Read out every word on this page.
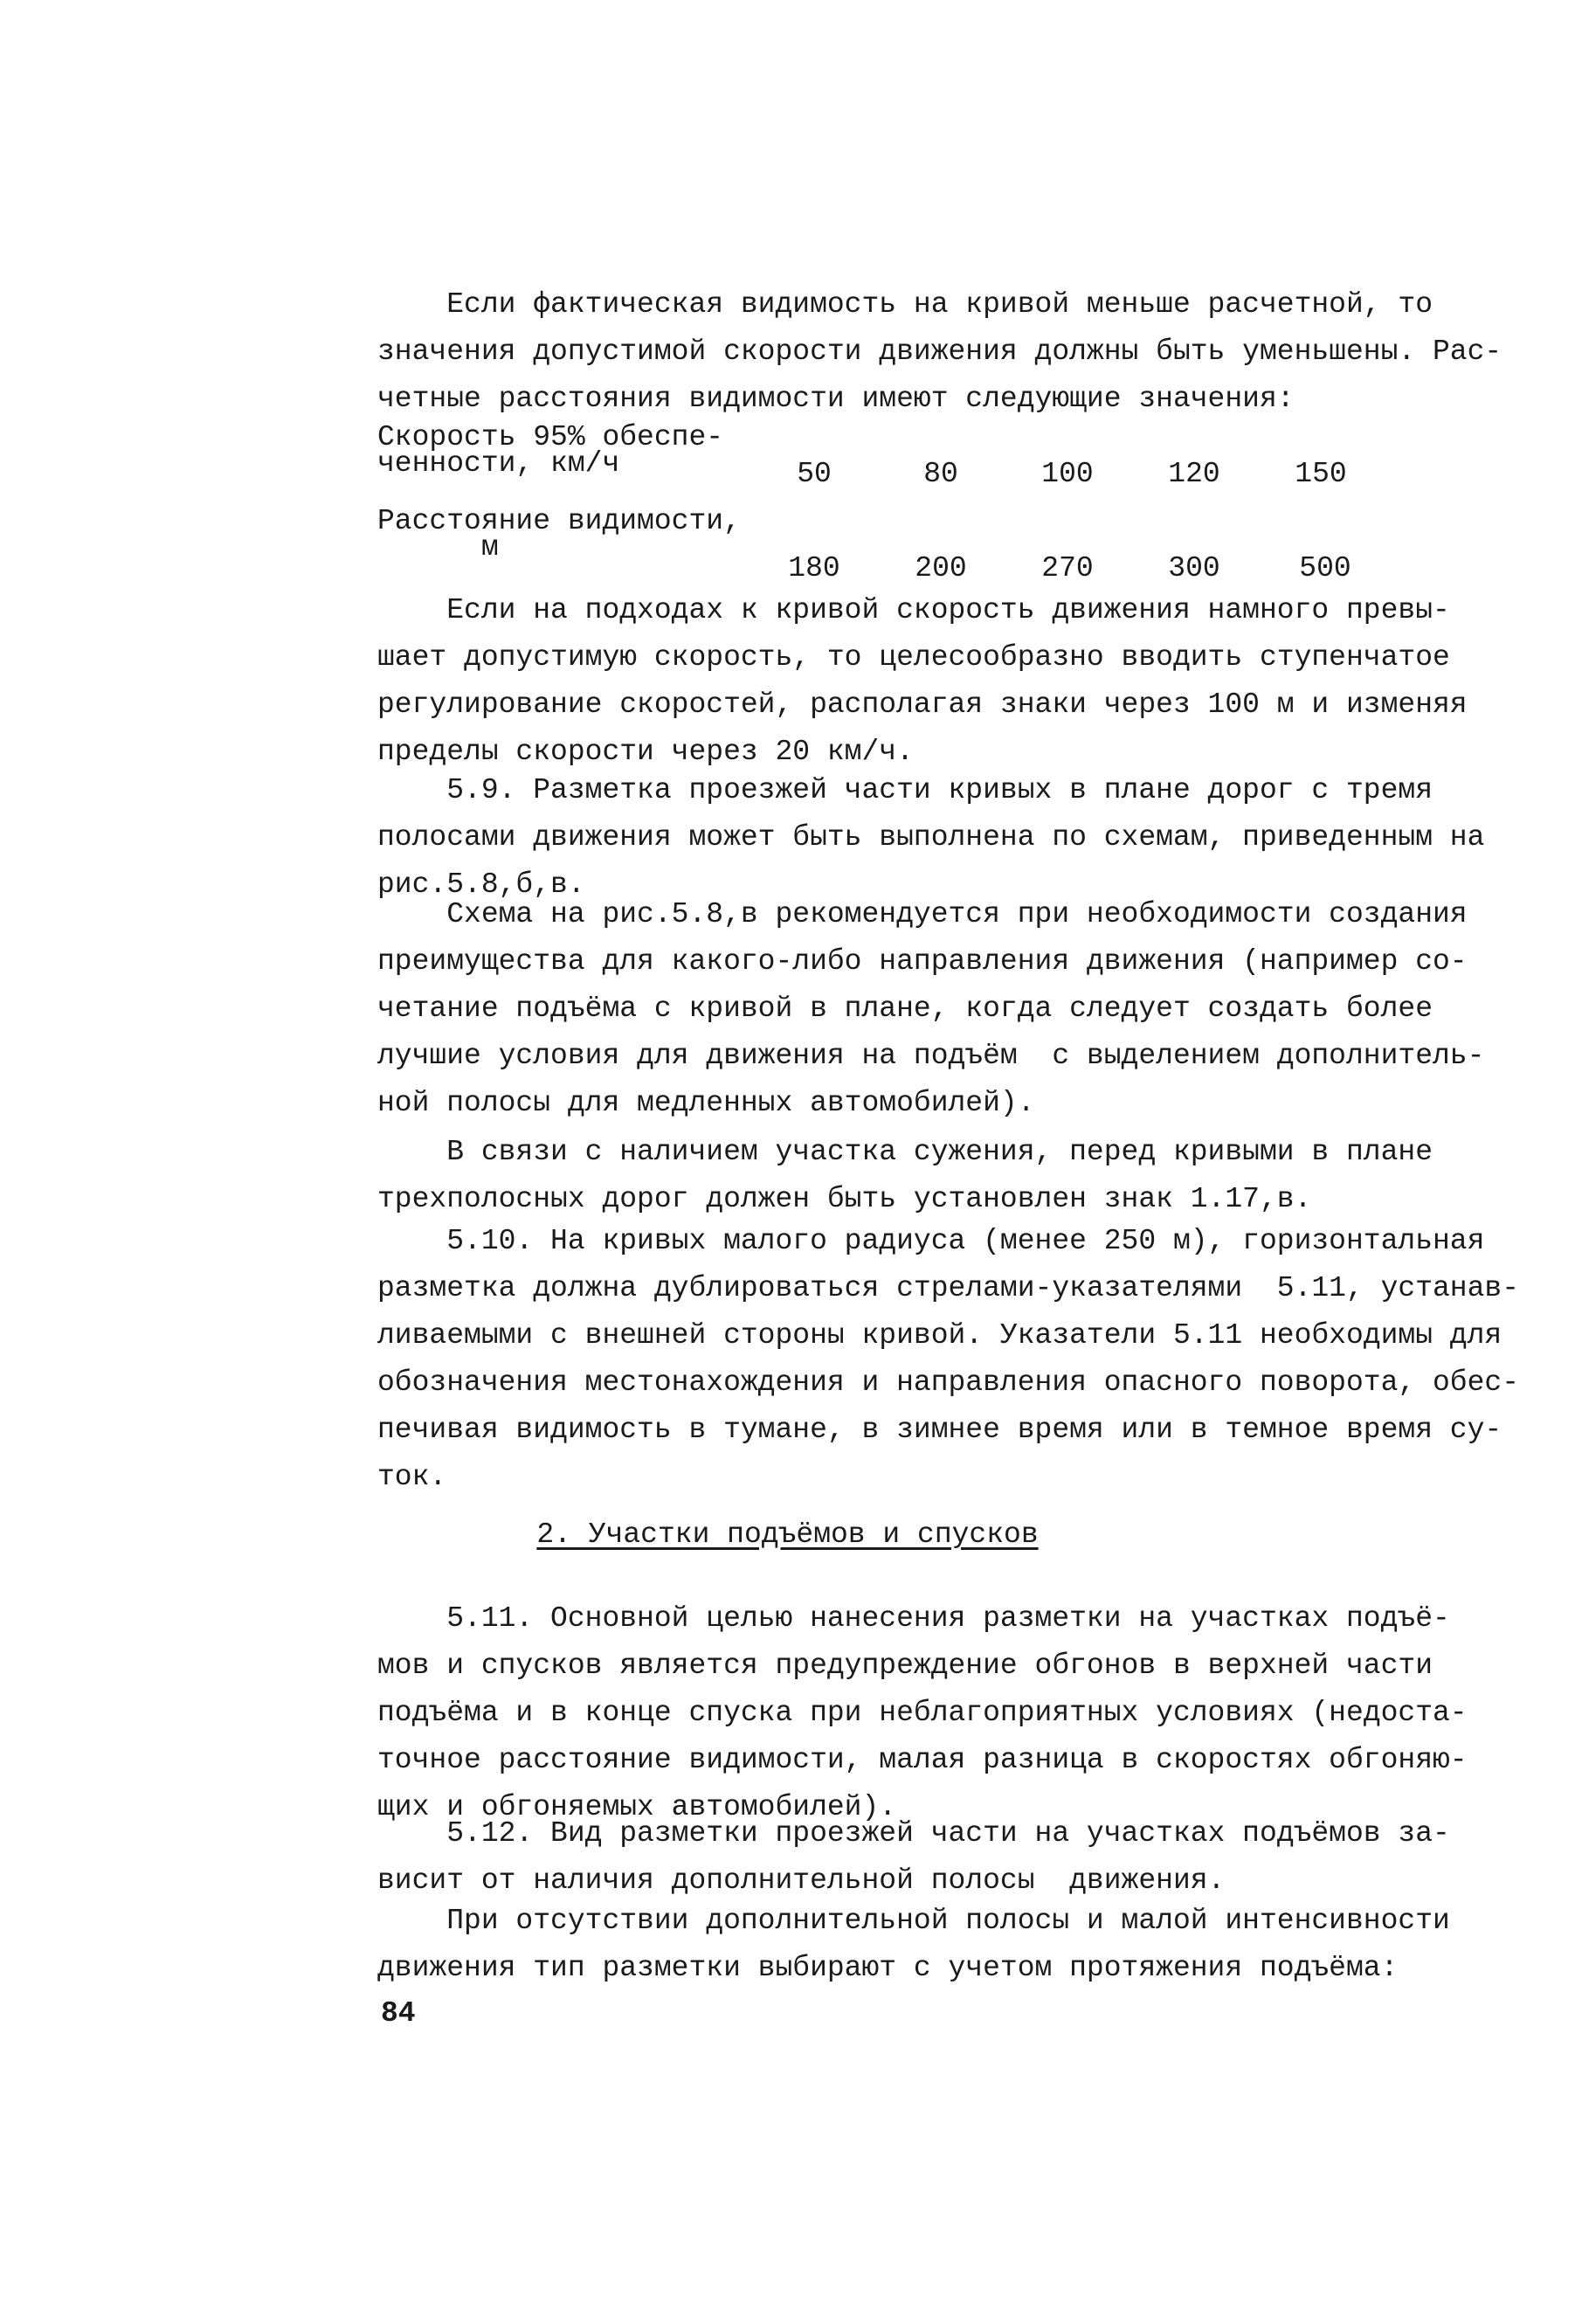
Если фактическая видимость на кривой меньше расчетной, то
значения допустимой скорости движения должны быть уменьшены. Рас-
четные расстояния видимости имеют следующие значения:

Скорость 95% обеспе-
ченности, км/ч	50	80	100	120	150
Расстояние видимости,
м
180	200	270	300	500

Если на подходах к кривой скорость движения намного превы-
шает допустимую скорость, то целесообразно вводить ступенчатое
регулирование скоростей, располагая знаки через 100 м и изменяя
пределы скорости через 20 км/ч.

5.9. Разметка проезжей части кривых в плане дорог с тремя
полосами движения может быть выполнена по схемам, приведенным на
рис.5.8,б,в.

Схема на рис.5.8,в рекомендуется при необходимости создания
преимущества для какого-либо направления движения (например со-
четание подъёма с кривой в плане, когда следует создать более
лучшие условия для движения на подъём  с выделением дополнитель-
ной полосы для медленных автомобилей).

В связи с наличием участка сужения, перед кривыми в плане
трехполосных дорог должен быть установлен знак 1.17,в.

5.10. На кривых малого радиуса (менее 250 м), горизонтальная
разметка должна дублироваться стрелами-указателями  5.11, устанав-
ливаемыми с внешней стороны кривой. Указатели 5.11 необходимы для
обозначения местонахождения и направления опасного поворота, обес-
печивая видимость в тумане, в зимнее время или в темное время су-
ток.

2. Участки подъёмов и спусков

5.11. Основной целью нанесения разметки на участках подъё-
мов и спусков является предупреждение обгонов в верхней части
подъёма и в конце спуска при неблагоприятных условиях (недоста-
точное расстояние видимости, малая разница в скоростях обгоняю-
щих и обгоняемых автомобилей).

5.12. Вид разметки проезжей части на участках подъёмов за-
висит от наличия дополнительной полосы  движения.

При отсутствии дополнительной полосы и малой интенсивности
движения тип разметки выбирают с учетом протяжения подъёма:

84
